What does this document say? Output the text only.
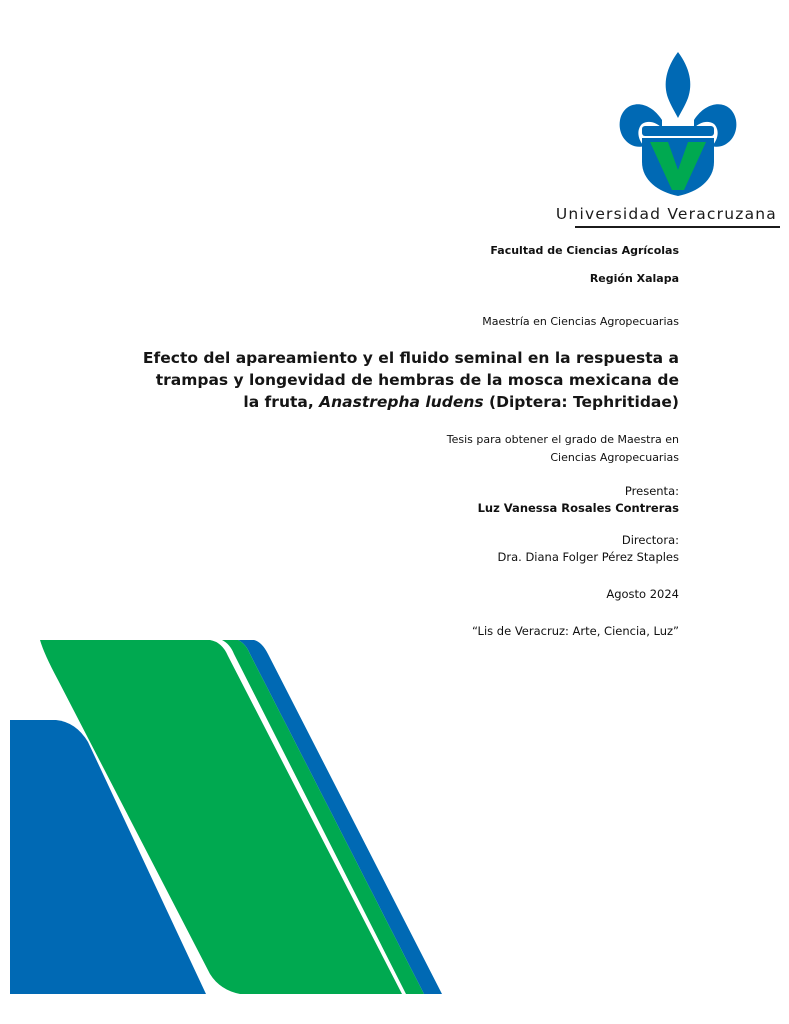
Universidad Veracruzana
Facultad de Ciencias Agrícolas
Región Xalapa
Maestría en Ciencias Agropecuarias
Efecto del apareamiento y el fluido seminal en la respuesta a
trampas y longevidad de hembras de la mosca mexicana de
la fruta, Anastrepha ludens (Diptera: Tephritidae)
Tesis para obtener el grado de Maestra en
Ciencias Agropecuarias
Presenta:
Luz Vanessa Rosales Contreras
Directora:
Dra. Diana Folger Pérez Staples
Agosto 2024
“Lis de Veracruz: Arte, Ciencia, Luz”
